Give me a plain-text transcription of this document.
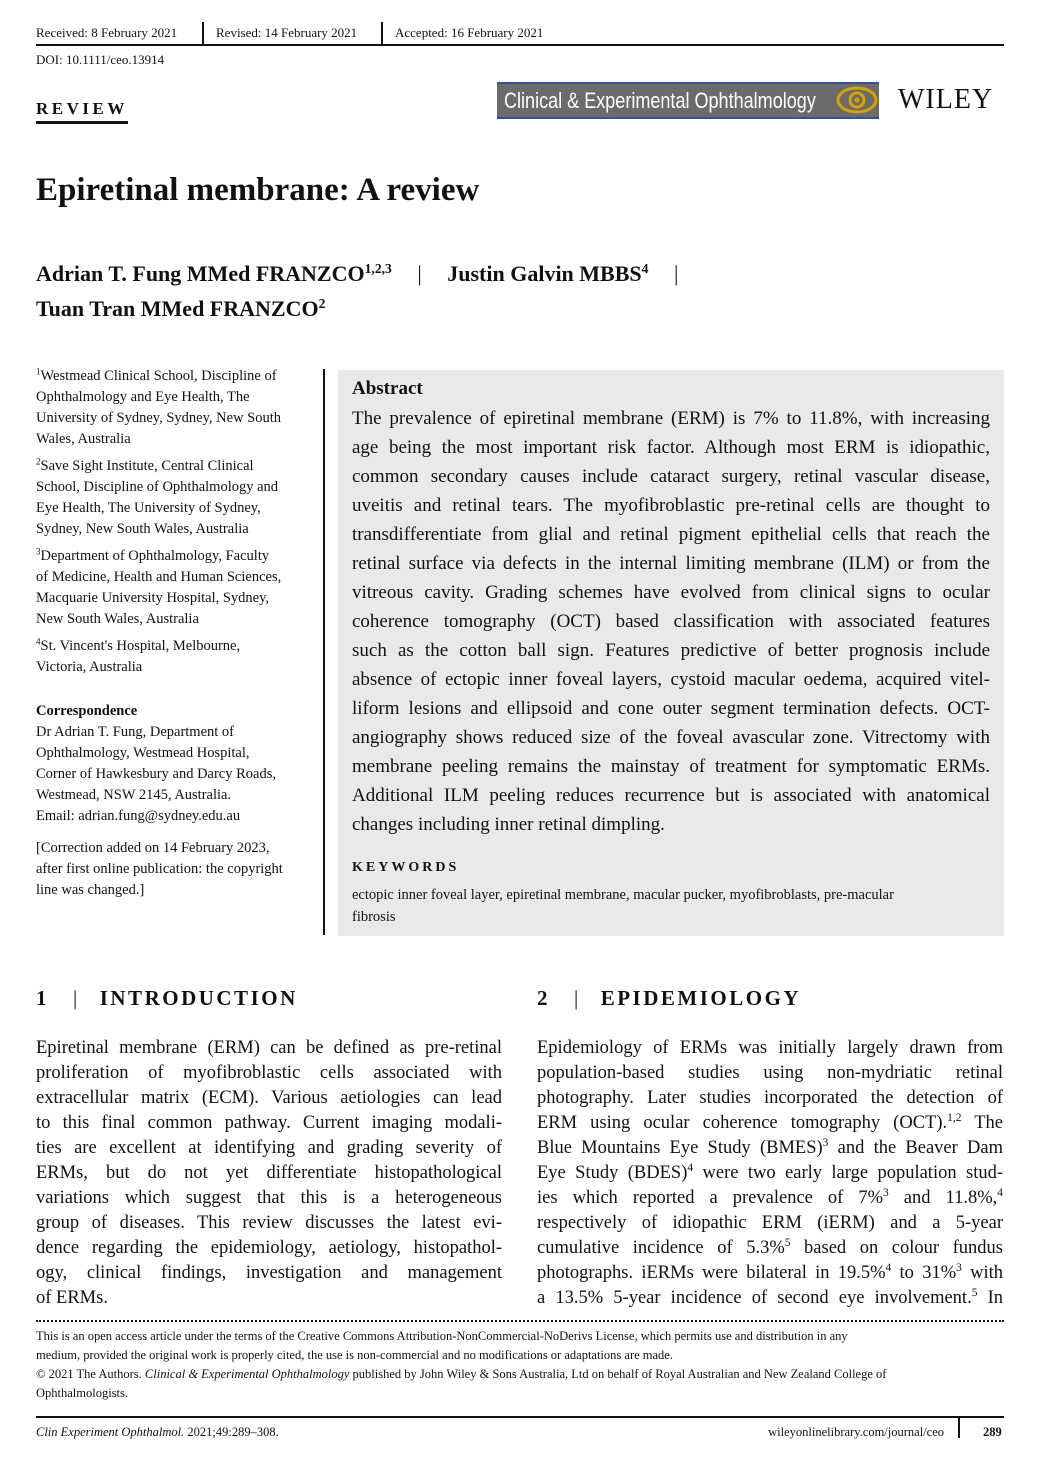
Received: 8 February 2021	Revised: 14 February 2021	Accepted: 16 February 2021
DOI: 10.1111/ceo.13914
REVIEW	Clinical & Experimental Ophthalmology	WILEY
Epiretinal membrane: A review
Adrian T. Fung MMed FRANZCO$^{1,2,3}$ | Justin Galvin MBBS$^4$ |
Tuan Tran MMed FRANZCO$^2$
$^1$Westmead Clinical School, Discipline of
Ophthalmology and Eye Health, The
University of Sydney, Sydney, New South
Wales, Australia
$^2$Save Sight Institute, Central Clinical
School, Discipline of Ophthalmology and
Eye Health, The University of Sydney,
Sydney, New South Wales, Australia
$^3$Department of Ophthalmology, Faculty
of Medicine, Health and Human Sciences,
Macquarie University Hospital, Sydney,
New South Wales, Australia
$^4$St. Vincent's Hospital, Melbourne,
Victoria, Australia
Correspondence
Dr Adrian T. Fung, Department of
Ophthalmology, Westmead Hospital,
Corner of Hawkesbury and Darcy Roads,
Westmead, NSW 2145, Australia.
Email: adrian.fung@sydney.edu.au
[Correction added on 14 February 2023,
after first online publication: the copyright
line was changed.]
Abstract
The prevalence of epiretinal membrane (ERM) is 7% to 11.8%, with increasing
age being the most important risk factor. Although most ERM is idiopathic,
common secondary causes include cataract surgery, retinal vascular disease,
uveitis and retinal tears. The myofibroblastic pre-retinal cells are thought to
transdifferentiate from glial and retinal pigment epithelial cells that reach the
retinal surface via defects in the internal limiting membrane (ILM) or from the
vitreous cavity. Grading schemes have evolved from clinical signs to ocular
coherence tomography (OCT) based classification with associated features
such as the cotton ball sign. Features predictive of better prognosis include
absence of ectopic inner foveal layers, cystoid macular oedema, acquired vitel-
liform lesions and ellipsoid and cone outer segment termination defects. OCT-
angiography shows reduced size of the foveal avascular zone. Vitrectomy with
membrane peeling remains the mainstay of treatment for symptomatic ERMs.
Additional ILM peeling reduces recurrence but is associated with anatomical
changes including inner retinal dimpling.
KEYWORDS
ectopic inner foveal layer, epiretinal membrane, macular pucker, myofibroblasts, pre-macular
fibrosis
1 | INTRODUCTION	2 | EPIDEMIOLOGY
Epiretinal membrane (ERM) can be defined as pre-retinal
proliferation of myofibroblastic cells associated with
extracellular matrix (ECM). Various aetiologies can lead
to this final common pathway. Current imaging modali-
ties are excellent at identifying and grading severity of
ERMs, but do not yet differentiate histopathological
variations which suggest that this is a heterogeneous
group of diseases. This review discusses the latest evi-
dence regarding the epidemiology, aetiology, histopathol-
ogy, clinical findings, investigation and management
of ERMs.
Epidemiology of ERMs was initially largely drawn from
population-based studies using non-mydriatic retinal
photography. Later studies incorporated the detection of
ERM using ocular coherence tomography (OCT).$^{1,2}$ The
Blue Mountains Eye Study (BMES)$^3$ and the Beaver Dam
Eye Study (BDES)$^4$ were two early large population stud-
ies which reported a prevalence of 7%$^3$ and 11.8%,$^4$
respectively of idiopathic ERM (iERM) and a 5-year
cumulative incidence of 5.3%$^5$ based on colour fundus
photographs. iERMs were bilateral in 19.5%$^4$ to 31%$^3$ with
a 13.5% 5-year incidence of second eye involvement.$^5$ In
This is an open access article under the terms of the Creative Commons Attribution-NonCommercial-NoDerivs License, which permits use and distribution in any
medium, provided the original work is properly cited, the use is non-commercial and no modifications or adaptations are made.
© 2021 The Authors. Clinical & Experimental Ophthalmology published by John Wiley & Sons Australia, Ltd on behalf of Royal Australian and New Zealand College of
Ophthalmologists.
Clin Experiment Ophthalmol. 2021;49:289–308.	wileyonlinelibrary.com/journal/ceo	289
